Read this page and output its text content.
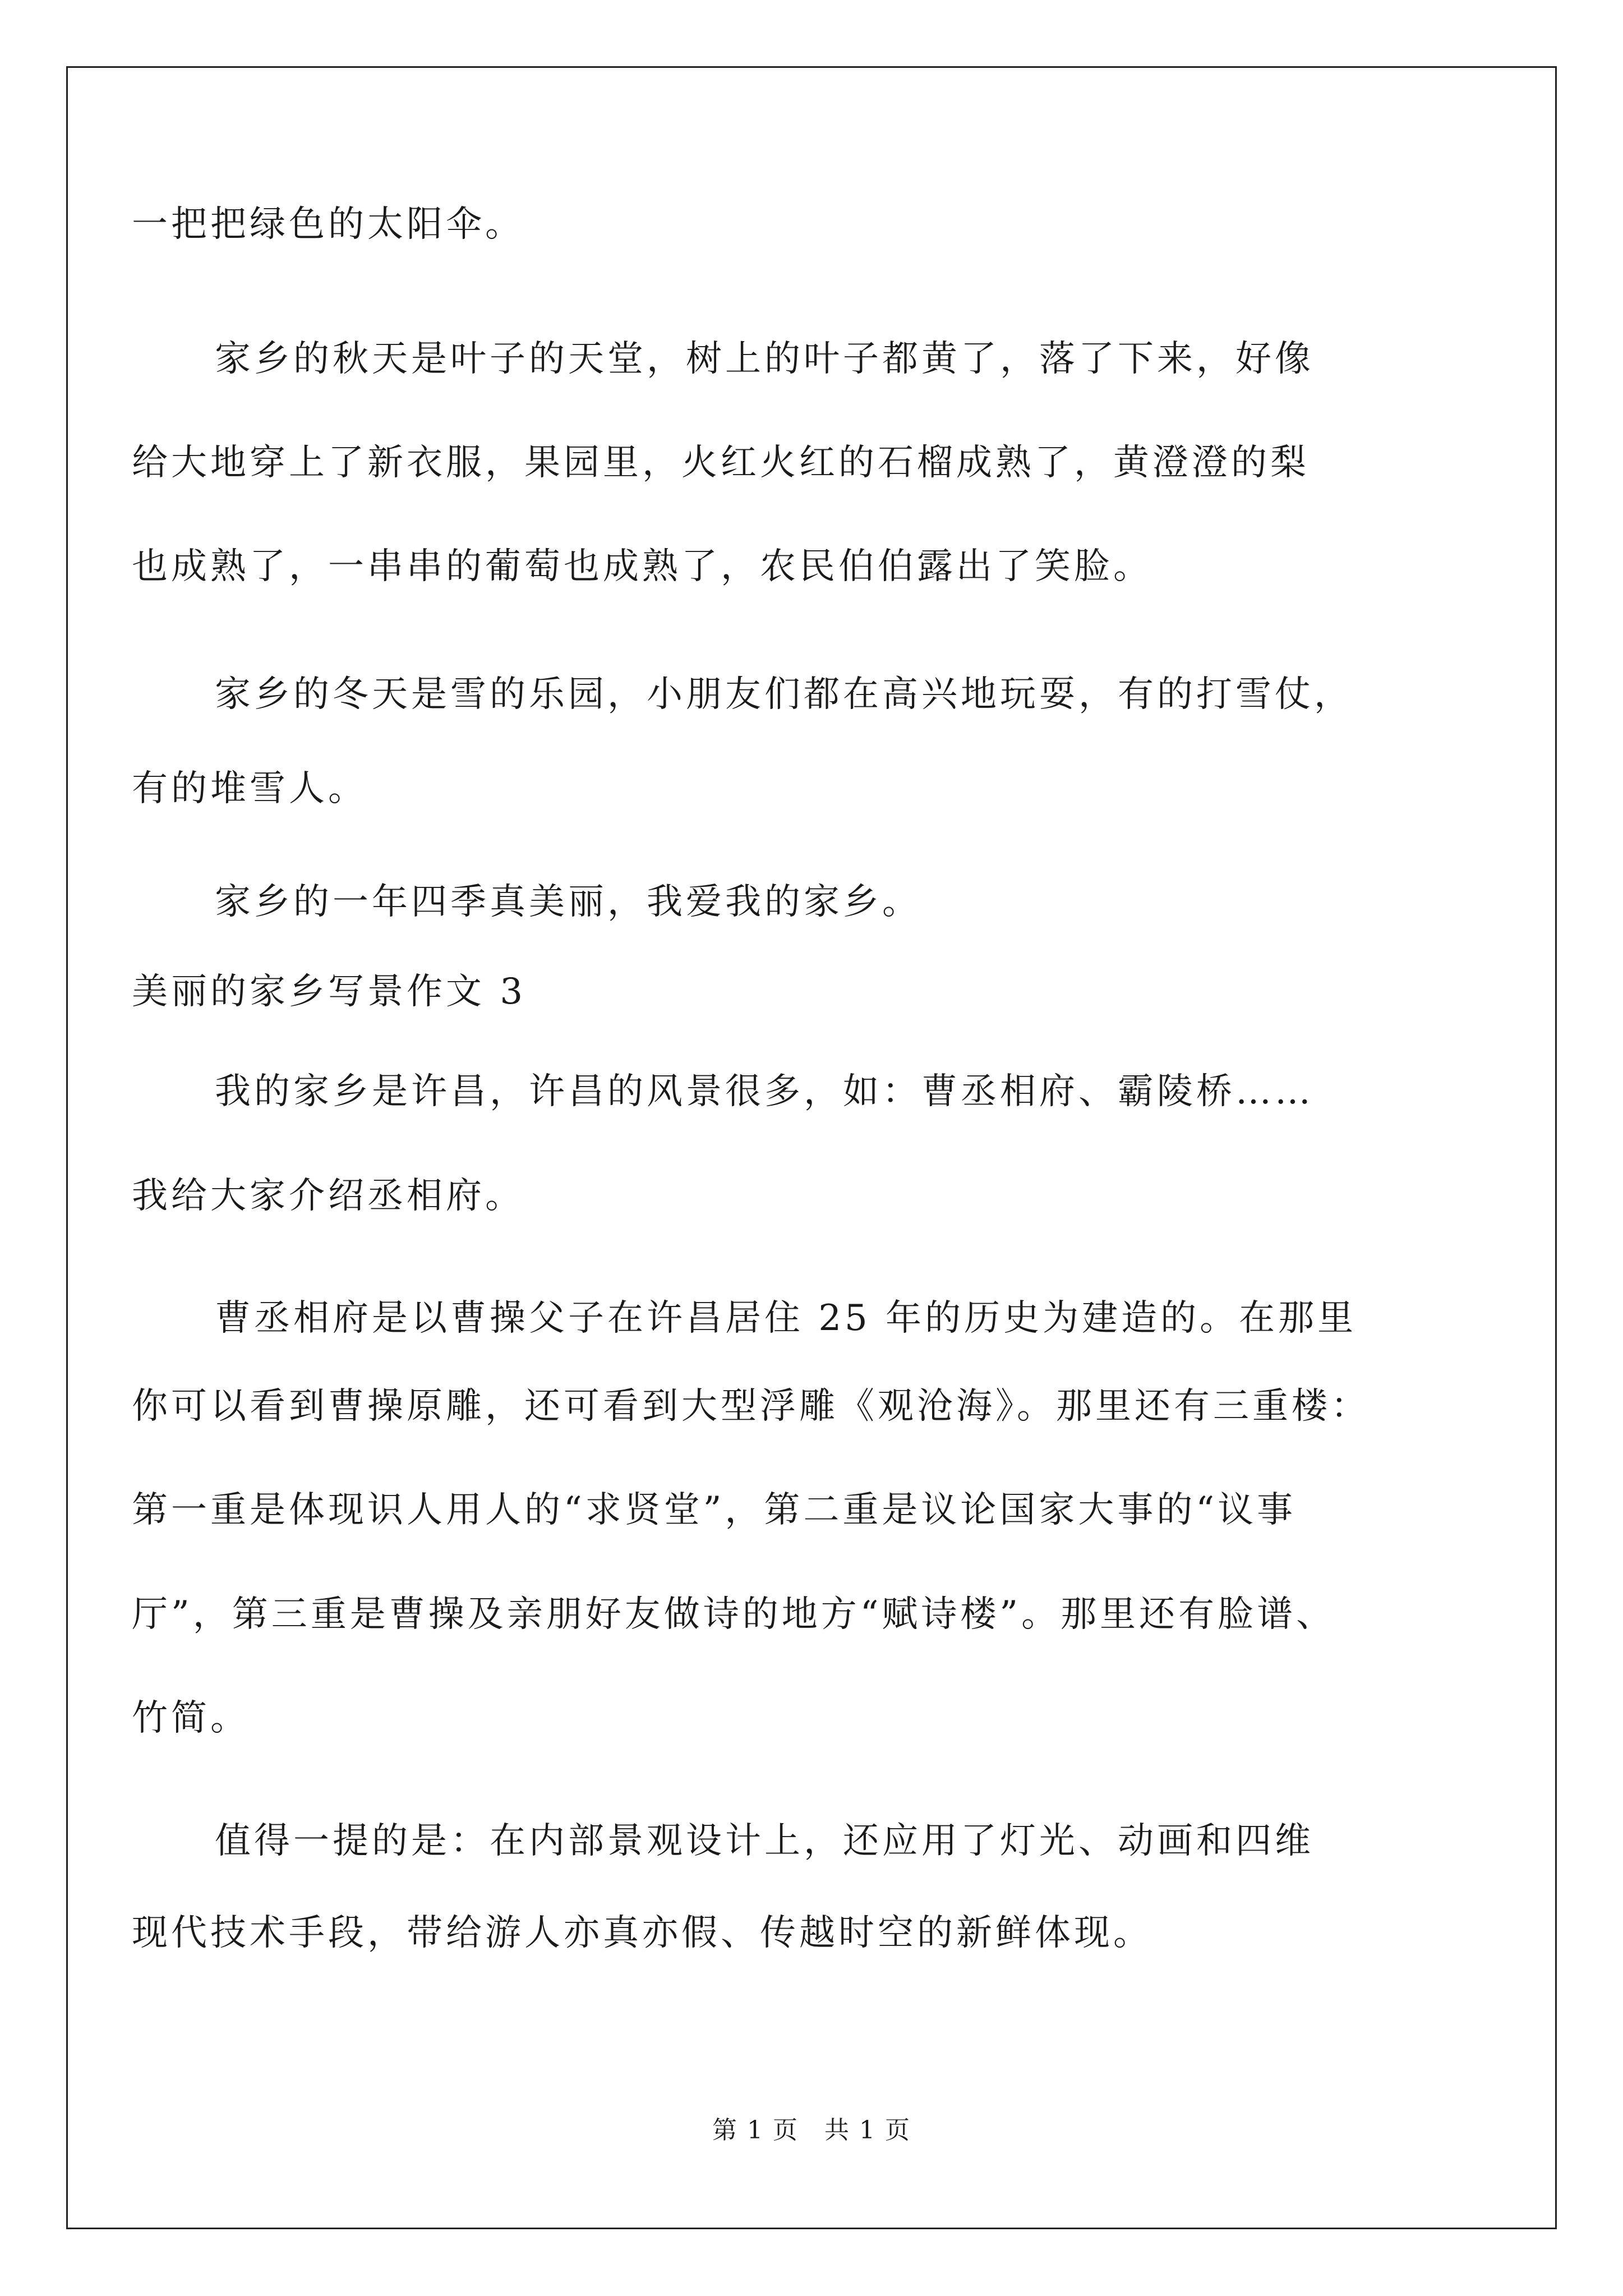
一把把绿色的太阳伞。
家乡的秋天是叶子的天堂，树上的叶子都黄了，落了下来，好像
给大地穿上了新衣服，果园里，火红火红的石榴成熟了，黄澄澄的梨
也成熟了，一串串的葡萄也成熟了，农民伯伯露出了笑脸。
家乡的冬天是雪的乐园，小朋友们都在高兴地玩耍，有的打雪仗，
有的堆雪人。
家乡的一年四季真美丽，我爱我的家乡。
美丽的家乡写景作文 3
我的家乡是许昌，许昌的风景很多，如：曹丞相府、霸陵桥……
我给大家介绍丞相府。
曹丞相府是以曹操父子在许昌居住 25 年的历史为建造的。在那里
你可以看到曹操原雕，还可看到大型浮雕《观沧海》。那里还有三重楼：
第一重是体现识人用人的“求贤堂”，第二重是议论国家大事的“议事
厅”，第三重是曹操及亲朋好友做诗的地方“赋诗楼”。那里还有脸谱、
竹简。
值得一提的是：在内部景观设计上，还应用了灯光、动画和四维
现代技术手段，带给游人亦真亦假、传越时空的新鲜体现。
第 1 页　共 1 页
